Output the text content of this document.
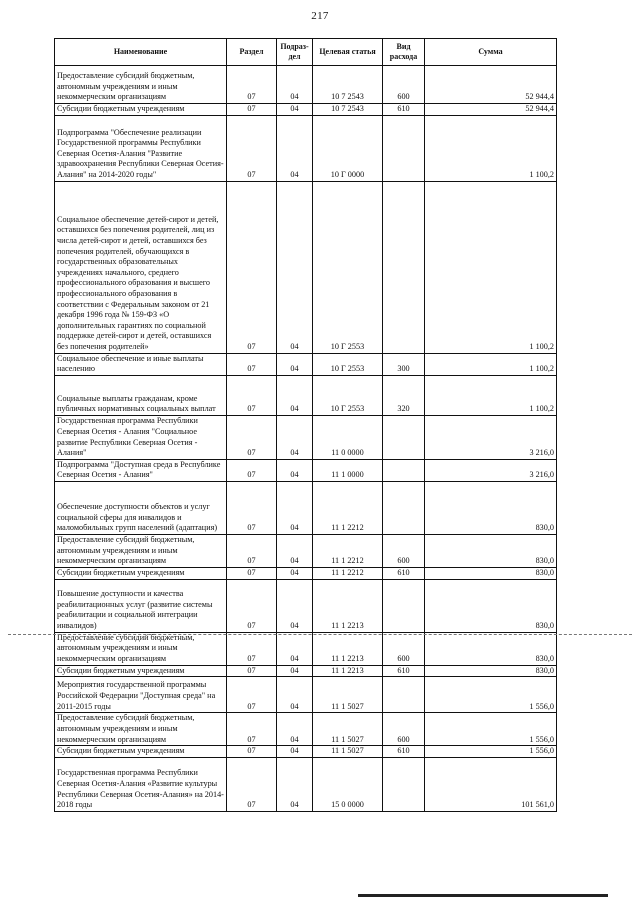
217
Наименование	Раздел	Подраз-дел	Целевая статья	Вид расхода	Сумма
Предоставление субсидий бюджетным, автономным учреждениям и иным некоммерческим организациям	07	04	10 7 2543	600	52 944,4
Субсидии бюджетным учреждениям	07	04	10 7 2543	610	52 944,4
Подпрограмма "Обеспечение реализации Государственной программы Республики Северная Осетия-Алания "Развитие здравоохранения Республики Северная Осетия-Алания" на 2014-2020 годы"	07	04	10 Г 0000		1 100,2
Социальное обеспечение детей-сирот и детей, оставшихся без попечения родителей, лиц из числа детей-сирот и детей, оставшихся без попечения родителей, обучающихся в государственных образовательных учреждениях начального, среднего профессионального образования и высшего профессионального образования в соответствии с Федеральным законом от 21 декабря 1996 года № 159-ФЗ «О дополнительных гарантиях по социальной поддержке детей-сирот и детей, оставшихся без попечения родителей»	07	04	10 Г 2553		1 100,2
Социальное обеспечение и иные выплаты населению	07	04	10 Г 2553	300	1 100,2
Социальные выплаты гражданам, кроме публичных нормативных социальных выплат	07	04	10 Г 2553	320	1 100,2
Государственная программа Республики Северная Осетия - Алания "Социальное развитие Республики Северная Осетия - Алания"	07	04	11 0 0000		3 216,0
Подпрограмма "Доступная среда в Республике Северная Осетия - Алания"	07	04	11 1 0000		3 216,0
Обеспечение доступности объектов и услуг социальной сферы для инвалидов и маломобильных групп населений (адаптация)	07	04	11 1 2212		830,0
Предоставление субсидий бюджетным, автономным учреждениям и иным некоммерческим организациям	07	04	11 1 2212	600	830,0
Субсидии бюджетным учреждениям	07	04	11 1 2212	610	830,0
Повышение доступности и качества реабилитационных услуг (развитие системы реабилитации и социальной интеграции инвалидов)	07	04	11 1 2213		830,0
Предоставление субсидий бюджетным, автономным учреждениям и иным некоммерческим организациям	07	04	11 1 2213	600	830,0
Субсидии бюджетным учреждениям	07	04	11 1 2213	610	830,0
Мероприятия государственной программы Российской Федерации "Доступная среда" на 2011-2015 годы	07	04	11 1 5027		1 556,0
Предоставление субсидий бюджетным, автономным учреждениям и иным некоммерческим организациям	07	04	11 1 5027	600	1 556,0
Субсидии бюджетным учреждениям	07	04	11 1 5027	610	1 556,0
Государственная программа Республики Северная Осетия-Алания «Развитие культуры Республики Северная Осетия-Алания» на 2014-2018 годы	07	04	15 0 0000		101 561,0
